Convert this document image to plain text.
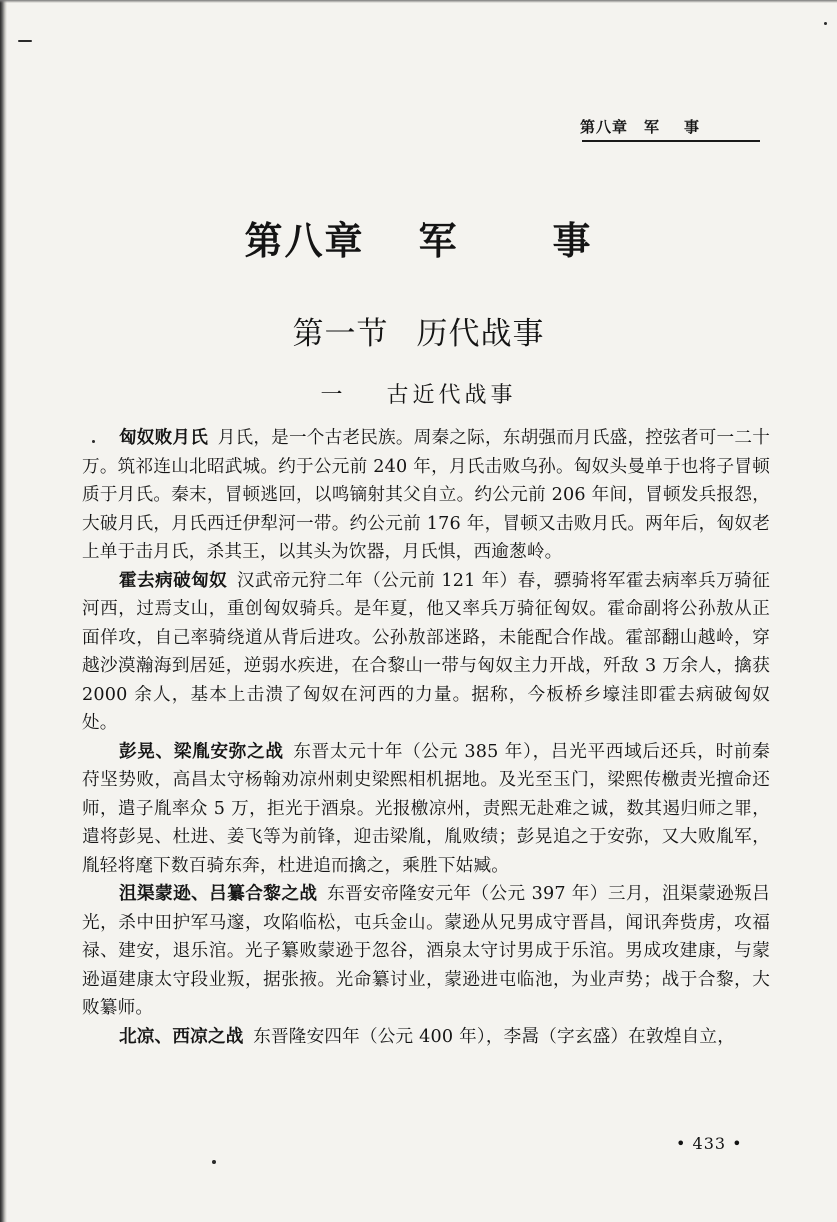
第八章 军 事
第八章 军 事
第一节 历代战事
一 古近代战事

匈奴败月氏 月氏，是一个古老民族。周秦之际，东胡强而月氏盛，控弦者可一二十万。筑祁连山北昭武城。约于公元前 240 年，月氏击败乌孙。匈奴头曼单于也将子冒顿质于月氏。秦末，冒顿逃回，以鸣镝射其父自立。约公元前 206 年间，冒顿发兵报怨，大破月氏，月氏西迁伊犁河一带。约公元前 176 年，冒顿又击败月氏。两年后，匈奴老上单于击月氏，杀其王，以其头为饮器，月氏惧，西逾葱岭。

霍去病破匈奴 汉武帝元狩二年（公元前 121 年）春，骠骑将军霍去病率兵万骑征河西，过焉支山，重创匈奴骑兵。是年夏，他又率兵万骑征匈奴。霍命副将公孙敖从正面佯攻，自己率骑绕道从背后进攻。公孙敖部迷路，未能配合作战。霍部翻山越岭，穿越沙漠瀚海到居延，逆弱水疾进，在合黎山一带与匈奴主力开战，歼敌 3 万余人，擒获 2000 余人，基本上击溃了匈奴在河西的力量。据称，今板桥乡壕洼即霍去病破匈奴处。

彭晃、梁胤安弥之战 东晋太元十年（公元 385 年），吕光平西域后还兵，时前秦苻坚势败，高昌太守杨翰劝凉州刺史梁熙相机据地。及光至玉门，梁熙传檄责光擅命还师，遣子胤率众 5 万，拒光于酒泉。光报檄凉州，责熙无赴难之诚，数其遏归师之罪，遣将彭晃、杜进、姜飞等为前锋，迎击梁胤，胤败绩；彭晃追之于安弥，又大败胤军，胤轻将麾下数百骑东奔，杜进追而擒之，乘胜下姑臧。

沮渠蒙逊、吕纂合黎之战 东晋安帝隆安元年（公元 397 年）三月，沮渠蒙逊叛吕光，杀中田护军马邃，攻陷临松，屯兵金山。蒙逊从兄男成守晋昌，闻讯奔赀虏，攻福禄、建安，退乐涫。光子纂败蒙逊于忽谷，酒泉太守讨男成于乐涫。男成攻建康，与蒙逊逼建康太守段业叛，据张掖。光命纂讨业，蒙逊进屯临池，为业声势；战于合黎，大败纂师。

北凉、西凉之战 东晋隆安四年（公元 400 年），李暠（字玄盛）在敦煌自立，

• 433 •
